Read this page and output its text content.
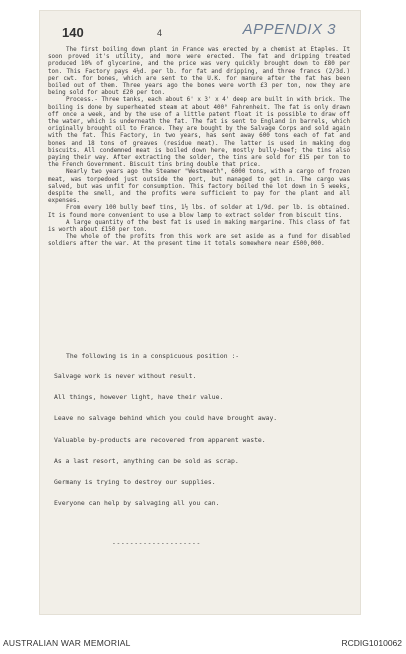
140	4	APPENDIX 3

The first boiling down plant in France was erected by a chemist at Etaples. It soon proved it's utility, and more were erected. The fat and dripping treated produced 10% of glycerine, and the price was very quickly brought down to £80 per ton. This Factory pays 4½d. per lb. for fat and dripping, and three francs (2/3d.) per cwt. for bones, which are sent to the U.K. for manure after the fat has been boiled out of them. Three years ago the bones were worth £3 per ton, now they are being sold for about £20 per ton.

Process.- Three tanks, each about 6' x 3' x 4' deep are built in with brick. The boiling is done by superheated steam at about 400° Fahrenheit. The fat is only drawn off once a week, and by the use of a little patent float it is possible to draw off the water, which is underneath the fat. The fat is sent to England in barrels, which originally brought oil to France. They are bought by the Salvage Corps and sold again with the fat. This Factory, in two years, has sent away 600 tons each of fat and bones and 18 tons of greaves (residue meat). The latter is used in making dog biscuits. All condemned meat is boiled down here, mostly bully-beef; the tins also paying their way. After extracting the solder, the tins are sold for £15 per ton to the French Government. Biscuit tins bring double that price.

Nearly two years ago the Steamer "Westmeath", 6000 tons, with a cargo of frozen meat, was torpedoed just outside the port, but managed to get in. The cargo was salved, but was unfit for consumption. This factory boiled the lot down in 5 weeks, despite the smell, and the profits were sufficient to pay for the plant and all expenses.

From every 100 bully beef tins, 1½ lbs. of solder at 1/9d. per lb. is obtained. It is found more convenient to use a blow lamp to extract solder from biscuit tins.

A large quantity of the best fat is used in making margarine. This class of fat is worth about £150 per ton.

The whole of the profits from this work are set aside as a fund for disabled soldiers after the war. At the present time it totals somewhere near £500,000.

The following is in a conspicuous position :-
Salvage work is never without result.
All things, however light, have their value.
Leave no salvage behind which you could have brought away.
Valuable by-products are recovered from apparent waste.
As a last resort, anything can be sold as scrap.
Germany is trying to destroy our supplies.
Everyone can help by salvaging all you can.
--------------------
AUSTRALIAN WAR MEMORIAL	RCDIG1010062
